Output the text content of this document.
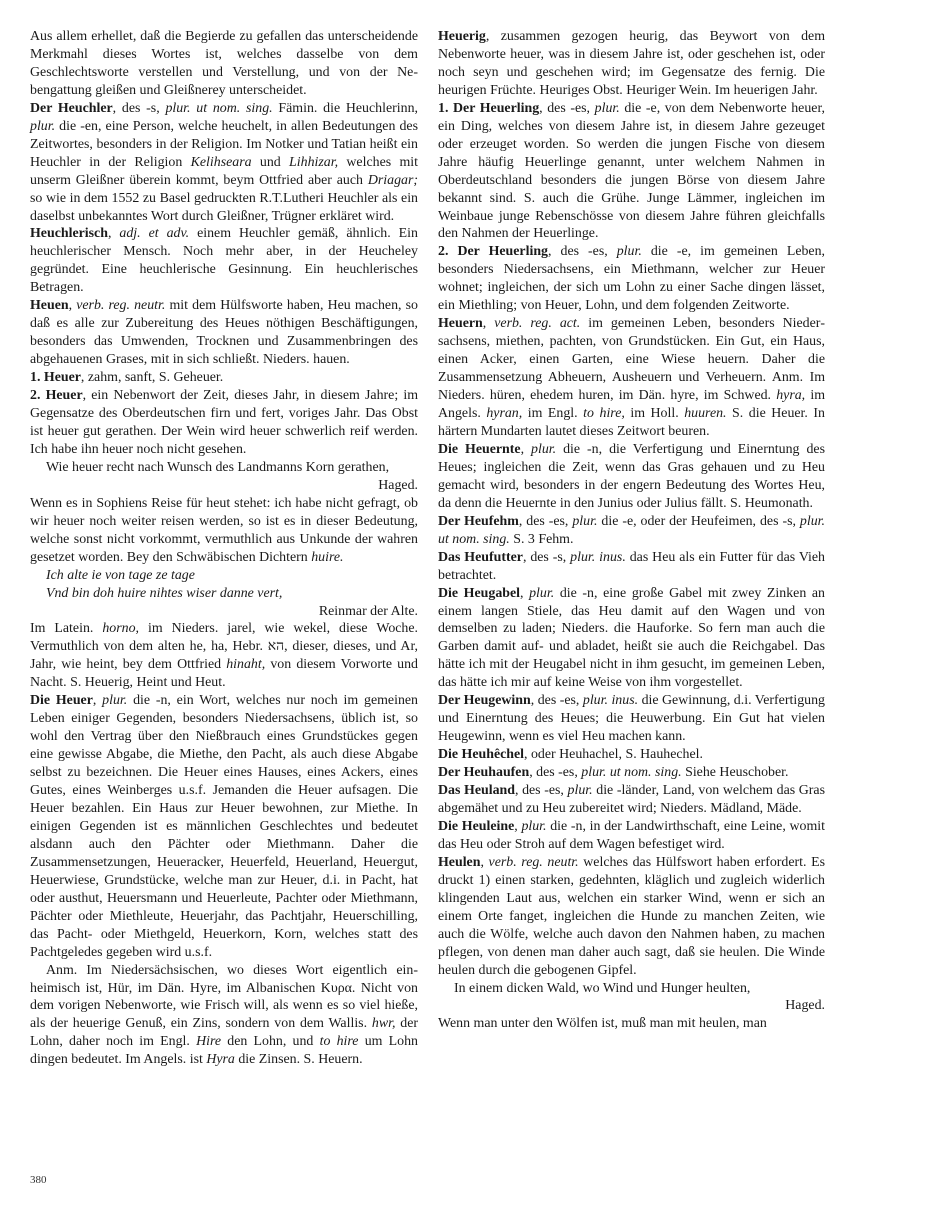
Aus allem erhellet, daß die Begierde zu gefallen das unterscheidende Merkmahl dieses Wortes ist, welches dasselbe von dem Geschlechtsworte verstellen und Verstellung, und von der Nebengattung gleißen und Gleißnerey unterscheidet.

Der Heuchler, des -s, plur. ut nom. sing. Fämin. die Heuchlerinn, plur. die -en, eine Person, welche heuchelt, in allen Bedeutungen des Zeitwortes, besonders in der Religion. Im Notker und Tatian heißt ein Heuchler in der Religion Kelihseara und Lihhizar, welches mit unserm Gleißner überein kommt, beym Ottfried aber auch Driagar; so wie in dem 1552 zu Basel gedruckten R.T.Lutheri Heuchler als ein daselbst unbekanntes Wort durch Gleißner, Trügner erkläret wird.

Heuchlerisch, adj. et adv. einem Heuchler gemäß, ähnlich. Ein heuchlerischer Mensch. Noch mehr aber, in der Heucheley gegründet. Eine heuchlerische Gesinnung. Ein heuchlerisches Betragen.

Heuen, verb. reg. neutr. mit dem Hülfsworte haben, Heu machen, so daß es alle zur Zubereitung des Heues nöthigen Beschäftigungen, besonders das Umwenden, Trocknen und Zusammenbringen des abgehauenen Grases, mit in sich schließt. Nieders. hauen.

1. Heuer, zahm, sanft, S. Geheuer.

2. Heuer, ein Nebenwort der Zeit, dieses Jahr, in diesem Jahre; im Gegensatze des Oberdeutschen firn und fert, voriges Jahr. Das Obst ist heuer gut gerathen. Der Wein wird heuer schwerlich reif werden. Ich habe ihn heuer noch nicht gesehen.

Wie heuer recht nach Wunsch des Landmanns Korn gerathen,

Haged.

Wenn es in Sophiens Reise für heut stehet: ich habe nicht gefragt, ob wir heuer noch weiter reisen werden, so ist es in dieser Bedeutung, welche sonst nicht vorkommt, vermuthlich aus Unkunde der wahren gesetzet worden. Bey den Schwäbischen Dichtern huire.

Ich alte ie von tage ze tage

Vnd bin doh huire nihtes wiser danne vert,

Reinmar der Alte.

Im Latein. horno, im Nieders. jarel, wie wekel, diese Woche. Vermuthlich von dem alten he, ha, Hebr. הא, dieser, dieses, und Ar, Jahr, wie heint, bey dem Ottfried hinaht, von diesem Vorworte und Nacht. S. Heuerig, Heint und Heut.

Die Heuer, plur. die -n, ein Wort, welches nur noch im gemeinen Leben einiger Gegenden, besonders Niedersachsens, üblich ist, so wohl den Vertrag über den Nießbrauch eines Grundstückes gegen eine gewisse Abgabe, die Miethe, den Pacht, als auch diese Abgabe selbst zu bezeichnen. Die Heuer eines Hauses, eines Ackers, eines Gutes, eines Weinberges u.s.f. Jemanden die Heuer aufsagen. Die Heuer bezahlen. Ein Haus zur Heuer bewohnen, zur Miethe. In einigen Gegenden ist es männlichen Geschlechtes und bedeutet alsdann auch den Pächter oder Miethmann. Daher die Zusammensetzungen, Heueracker, Heuerfeld, Heuerland, Heuergut, Heuerwiese, Grundstücke, welche man zur Heuer, d.i. in Pacht, hat oder austhut, Heuersmann und Heuerleute, Pachter oder Miethmann, Pächter oder Miethleute, Heuerjahr, das Pachtjahr, Heuerschilling, das Pacht- oder Miethgeld, Heuerkorn, Korn, welches statt des Pachtgeledes gegeben wird u.s.f.

Anm. Im Niedersächsischen, wo dieses Wort eigentlich einheimisch ist, Hür, im Dän. Hyre, im Albanischen Κυρα. Nicht von dem vorigen Nebenworte, wie Frisch will, als wenn es so viel hieße, als der heuerige Genuß, ein Zins, sondern von dem Wallis. hwr, der Lohn, daher noch im Engl. Hire den Lohn, und to hire um Lohn dingen bedeutet. Im Angels. ist Hyra die Zinsen. S. Heuern.

Heuerig, zusammen gezogen heurig, das Beywort von dem Nebenworte heuer, was in diesem Jahre ist, oder geschehen ist, oder noch seyn und geschehen wird; im Gegensatze des fernig. Die heurigen Früchte. Heuriges Obst. Heuriger Wein. Im heuerigen Jahr.

1. Der Heuerling, des -es, plur. die -e, von dem Nebenworte heuer, ein Ding, welches von diesem Jahre ist, in diesem Jahre gezeuget oder erzeuget worden. So werden die jungen Fische von diesem Jahre häufig Heuerlinge genannt, unter welchem Nahmen in Oberdeutschland besonders die jungen Börse von diesem Jahre bekannt sind. S. auch die Grühe. Junge Lämmer, ingleichen im Weinbaue junge Rebenschösse von diesem Jahre führen gleichfalls den Nahmen der Heuerlinge.

2. Der Heuerling, des -es, plur. die -e, im gemeinen Leben, besonders Niedersachsens, ein Miethmann, welcher zur Heuer wohnet; ingleichen, der sich um Lohn zu einer Sache dingen lässet, ein Miethling; von Heuer, Lohn, und dem folgenden Zeitworte.

Heuern, verb. reg. act. im gemeinen Leben, besonders Niedersachsens, miethen, pachten, von Grundstücken. Ein Gut, ein Haus, einen Acker, einen Garten, eine Wiese heuern. Daher die Zusammensetzung Abheuern, Ausheuern und Verheuern. Anm. Im Nieders. hüren, ehedem huren, im Dän. hyre, im Schwed. hyra, im Angels. hyran, im Engl. to hire, im Holl. huuren. S. die Heuer. In härtern Mundarten lautet dieses Zeitwort beuren.

Die Heuernte, plur. die -n, die Verfertigung und Einerntung des Heues; ingleichen die Zeit, wenn das Gras gehauen und zu Heu gemacht wird, besonders in der engern Bedeutung des Wortes Heu, da denn die Heuernte in den Junius oder Julius fällt. S. Heumonath.

Der Heufehm, des -es, plur. die -e, oder der Heufeimen, des -s, plur. ut nom. sing. S. 3 Fehm.

Das Heufutter, des -s, plur. inus. das Heu als ein Futter für das Vieh betrachtet.

Die Heugabel, plur. die -n, eine große Gabel mit zwey Zinken an einem langen Stiele, das Heu damit auf den Wagen und von demselben zu laden; Nieders. die Hauforke. So fern man auch die Garben damit auf- und abladet, heißt sie auch die Reichgabel. Das hätte ich mit der Heugabel nicht in ihm gesucht, im gemeinen Leben, das hätte ich mir auf keine Weise von ihm vorgestellet.

Der Heugewinn, des -es, plur. inus. die Gewinnung, d.i. Verfertigung und Einerntung des Heues; die Heuwerbung. Ein Gut hat vielen Heugewinn, wenn es viel Heu machen kann.

Die Heuhêchel, oder Heuhachel, S. Hauhechel.

Der Heuhaufen, des -es, plur. ut nom. sing. Siehe Heuschober.

Das Heuland, des -es, plur. die -länder, Land, von welchem das Gras abgemähet und zu Heu zubereitet wird; Nieders. Mädland, Mäde.

Die Heuleine, plur. die -n, in der Landwirthschaft, eine Leine, womit das Heu oder Stroh auf dem Wagen befestiget wird.

Heulen, verb. reg. neutr. welches das Hülfswort haben erfordert. Es druckt 1) einen starken, gedehnten, kläglich und zugleich widerlich klingenden Laut aus, welchen ein starker Wind, wenn er sich an einem Orte fanget, ingleichen die Hunde zu manchen Zeiten, wie auch die Wölfe, welche auch davon den Nahmen haben, zu machen pflegen, von denen man daher auch sagt, daß sie heulen. Die Winde heulen durch die gebogenen Gipfel.

In einem dicken Wald, wo Wind und Hunger heulten,

Haged.

Wenn man unter den Wölfen ist, muß man mit heulen, man

380
